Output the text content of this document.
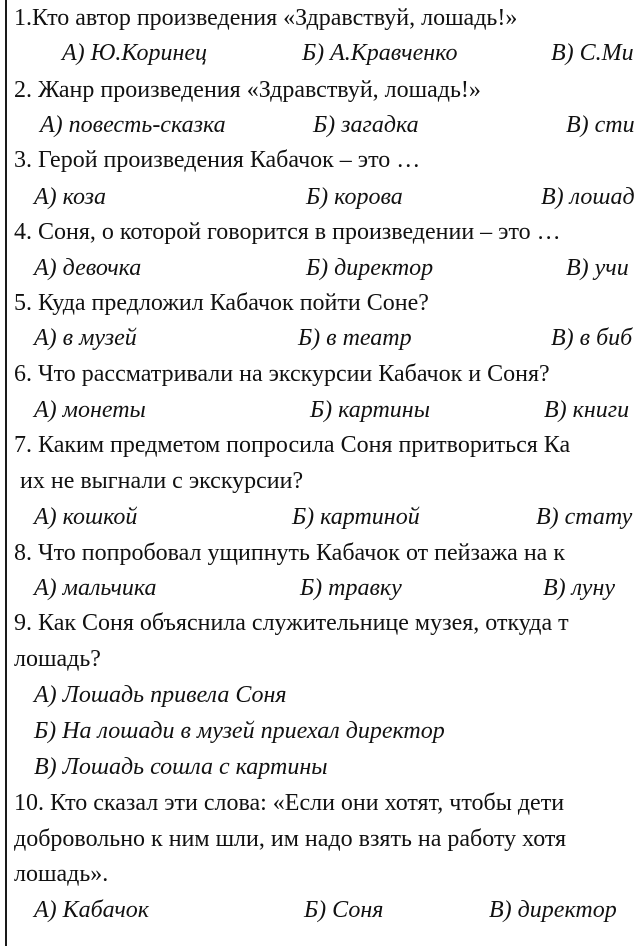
1.Кто автор произведения «Здравствуй, лошадь!»
А) Ю.Коринец	Б) А.Кравченко	В) С.Ми
2. Жанр произведения «Здравствуй, лошадь!»
А) повесть-сказка	Б) загадка	В) сти
3. Герой произведения Кабачок – это …
А) коза	Б) корова	В) лошад
4. Соня, о которой говорится в произведении – это …
А) девочка	Б) директор	В) учи
5. Куда предложил Кабачок пойти Соне?
А) в музей	Б) в театр	В) в биб
6. Что рассматривали на экскурсии Кабачок и Соня?
А) монеты	Б) картины	В) книги
7. Каким предметом попросила Соня притвориться Ка
их не выгнали с экскурсии?
А) кошкой	Б) картиной	В) стату
8. Что попробовал ущипнуть Кабачок от пейзажа на к
А) мальчика	Б) травку	В) луну
9. Как Соня объяснила служительнице музея, откуда т
лошадь?
А) Лошадь привела Соня
Б) На лошади в музей приехал директор
В) Лошадь сошла с картины
10. Кто сказал эти слова: «Если они хотят, чтобы дети
добровольно к ним шли, им надо взять на работу хотя
лошадь».
А) Кабачок	Б) Соня	В) директор
